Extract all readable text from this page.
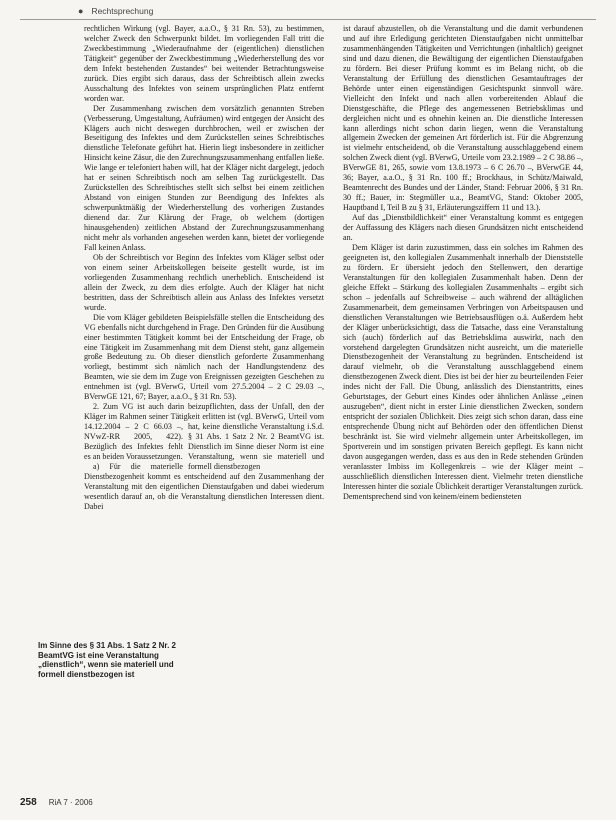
● Rechtsprechung

rechtlichen Wirkung (vgl. Bayer, a.a.O., § 31 Rn. 53), zu bestimmen, welcher Zweck den Schwerpunkt bildet. Im vorliegenden Fall tritt die Zweckbestimmung „Wiederaufnahme der (eigentlichen) dienstlichen Tätigkeit“ gegenüber der Zweckbestimmung „Wiederherstellung des vor dem Infekt bestehenden Zustandes“ bei weitender Betrachtungsweise zurück. Dies ergibt sich daraus, dass der Schreibtisch allein zwecks Ausschaltung des Infektes von seinem ursprünglichen Platz entfernt worden war.

Der Zusammenhang zwischen dem vorsätzlich genannten Streben (Verbesserung, Umgestaltung, Aufräumen) wird entgegen der Ansicht des Klägers auch nicht deswegen durchbrochen, weil er zwischen der Beseitigung des Infektes und dem Zurückstellen seines Schreibtisches dienstliche Telefonate geführt hat. Hierin liegt insbesondere in zeitlicher Hinsicht keine Zäsur, die den Zurechnungszusammenhang entfallen ließe. Wie lange er telefoniert haben will, hat der Kläger nicht dargelegt, jedoch hat er seinen Schreibtisch noch am selben Tag zurückgestellt. Das Zurückstellen des Schreibtisches stellt sich selbst bei einem zeitlichen Abstand von einigen Stunden zur Beendigung des Infektes als schwerpunktmäßig der Wiederherstellung des vorherigen Zustandes dienend dar. Zur Klärung der Frage, ob welchem (dortigen hinausgehenden) zeitlichen Abstand der Zurechnungszusammenhang nicht mehr als vorhanden angesehen werden kann, bietet der vorliegende Fall keinen Anlass.

Ob der Schreibtisch vor Beginn des Infektes vom Kläger selbst oder von einem seiner Arbeitskollegen beiseite gestellt wurde, ist im vorliegenden Zusammenhang rechtlich unerheblich. Entscheidend ist allein der Zweck, zu dem dies erfolgte. Auch der Kläger hat nicht bestritten, dass der Schreibtisch allein aus Anlass des Infektes versetzt wurde.

Die vom Kläger gebildeten Beispielsfälle stellen die Entscheidung des VG ebenfalls nicht durchgehend in Frage. Den Gründen für die Ausübung einer bestimmten Tätigkeit kommt bei der Entscheidung der Frage, ob eine Tätigkeit im Zusammenhang mit dem Dienst steht, ganz allgemein große Bedeutung zu. Ob dieser dienstlich geforderte Zusammenhang vorliegt, bestimmt sich nämlich nach der Handlungstendenz des Beamten, wie sie dem im Zuge von Ereignissen gezeigten Geschehen zu entnehmen ist (vgl. BVerwG, Urteil vom 27.5.2004 – 2 C 29.03 –, BVerwGE 121, 67; Bayer, a.a.O., § 31 Rn. 53).

2. Zum VG ist auch darin beizupflichten, dass der Unfall, den der Kläger im Rahmen seiner Tätigkeit erlitten
hat, keine dienstliche Veranstaltung i.S.d. § 31 Abs. 1 Satz 2 Nr. 2 BeamtVG ist. Dienstlich im Sinne dieser Norm ist eine Veranstaltung, wenn sie materiell und formell dienstbezogen
ist (vgl. BVerwG, Urteil vom 14.12.2004 – 2 C 66.03 –, NVwZ-RR 2005, 422). Bezüglich des Infektes fehlt es an beiden Voraussetzungen.

a) Für die materielle Dienstbezogenheit kommt es entscheidend auf den Zusammenhang der Veranstaltung mit den eigentlichen Dienstaufgaben und dabei wiederum wesentlich darauf an, ob die Veranstaltung dienstlichen Interessen dient. Dabei

Im Sinne des § 31 Abs. 1 Satz 2 Nr. 2 BeamtVG ist eine Veranstaltung „dienstlich“, wenn sie materiell und formell dienstbezogen ist

ist darauf abzustellen, ob die Veranstaltung und die damit verbundenen und auf ihre Erledigung gerichteten Dienstaufgaben nicht unmittelbar zusammenhängenden Tätigkeiten und Verrichtungen (inhaltlich) geeignet sind und dazu dienen, die Bewältigung der eigentlichen Dienstaufgaben zu fördern. Bei dieser Prüfung kommt es im Belang nicht, ob die Veranstaltung der Erfüllung des dienstlichen Gesamtauftrages der Behörde unter einen eigenständigen Gesichtspunkt sinnvoll wäre. Vielleicht den Infekt und nach allen vorbereitenden Ablauf die Dienstgeschäfte, die Pflege des angemessenen Betriebsklimas und dergleichen nicht und es ohnehin keinen an. Die dienstliche Interessen kann allerdings nicht schon darin liegen, wenn die Veranstaltung allgemein Zwecken der gemeinen Art förderlich ist. Für die Abgrenzung ist vielmehr entscheidend, ob die Veranstaltung ausschlaggebend einem solchen Zweck dient (vgl. BVerwG, Urteile vom 23.2.1989 – 2 C 38.86 –, BVerwGE 81, 265, sowie vom 13.8.1973 – 6 C 26.70 –, BVerwGE 44, 36; Bayer, a.a.O., § 31 Rn. 100 ff.; Brockhaus, in Schütz/Maiwald, Beamtenrecht des Bundes und der Länder, Stand: Februar 2006, § 31 Rn. 30 ff.; Bauer, in: Stegmüller u.a., BeamtVG, Stand: Oktober 2005, Hauptband I, Teil B zu § 31, Erläuterungsziffern 11 und 13.).

Auf das „Dienstbildlichkeit“ einer Veranstaltung kommt es entgegen der Auffassung des Klägers nach diesen Grundsätzen nicht entscheidend an.

Dem Kläger ist darin zuzustimmen, dass ein solches im Rahmen des geeigneten ist, den kollegialen Zusammenhalt innerhalb der Dienststelle zu fördern. Er übersieht jedoch den Stellenwert, den derartige Veranstaltungen für den kollegialen Zusammenhalt haben. Denn der gleiche Effekt – Stärkung des kollegialen Zusammenhalts – ergibt sich schon – jedenfalls auf Schreibweise – auch während der alltäglichen Zusammenarbeit, dem gemeinsamen Verbringen von Arbeitspausen und dienstlichen Veranstaltungen wie Betriebsausflügen o.ä. Außerdem hebt der Kläger unberücksichtigt, dass die Tatsache, dass eine Veranstaltung sich (auch) förderlich auf das Betriebsklima auswirkt, nach den vorstehend dargelegten Grundsätzen nicht ausreicht, um die materielle Dienstbezogenheit der Veranstaltung zu begründen. Entscheidend ist darauf vielmehr, ob die Veranstaltung ausschlaggebend einem dienstbezogenen Zweck dient. Dies ist bei der hier zu beurteilenden Feier indes nicht der Fall. Die Übung, anlässlich des Dienstantritts, eines Geburtstages, der Geburt eines Kindes oder ähnlichen Anlässe „einen auszugeben“, dient nicht in erster Linie dienstlichen Zwecken, sondern entspricht der sozialen Üblichkeit. Dies zeigt sich schon daran, dass eine entsprechende Übung nicht auf Behörden oder den öffentlichen Dienst beschränkt ist. Sie wird vielmehr allgemein unter Arbeitskollegen, im Sportverein und im sonstigen privaten Bereich gepflegt. Es kann nicht davon ausgegangen werden, dass es aus den in Rede stehenden Gründen veranlasster Imbiss im Kollegenkreis – wie der Kläger meint – ausschließlich dienstlichen Interessen dient. Vielmehr treten dienstliche Interessen hinter die soziale Üblichkeit derartiger Veranstaltungen zurück. Dementsprechend sind von keinem/einem bediensteten

258 RiA 7 · 2006
